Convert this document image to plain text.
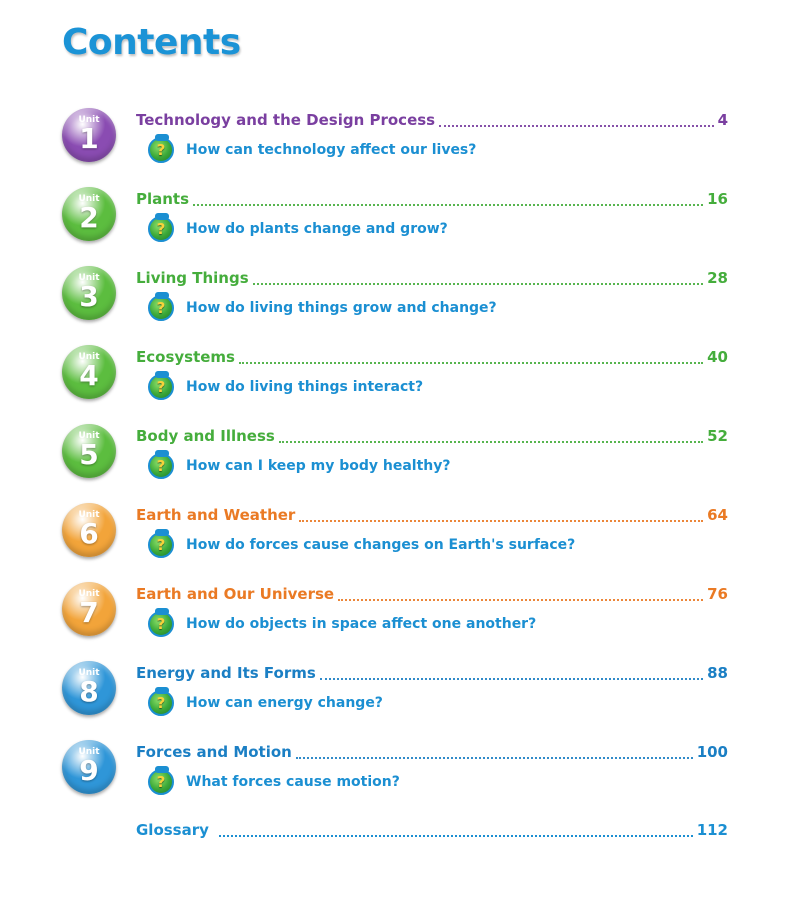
Contents
Unit
1
Technology and the Design Process	4
?	How can technology affect our lives?
Unit
2
Plants	16
?	How do plants change and grow?
Unit
3
Living Things	28
?	How do living things grow and change?
Unit
4
Ecosystems	40
?	How do living things interact?
Unit
5
Body and Illness	52
?	How can I keep my body healthy?
Unit
6
Earth and Weather	64
?	How do forces cause changes on Earth's surface?
Unit
7
Earth and Our Universe	76
?	How do objects in space affect one another?
Unit
8
Energy and Its Forms	88
?	How can energy change?
Unit
9
Forces and Motion	100
?	What forces cause motion?
Glossary	112
